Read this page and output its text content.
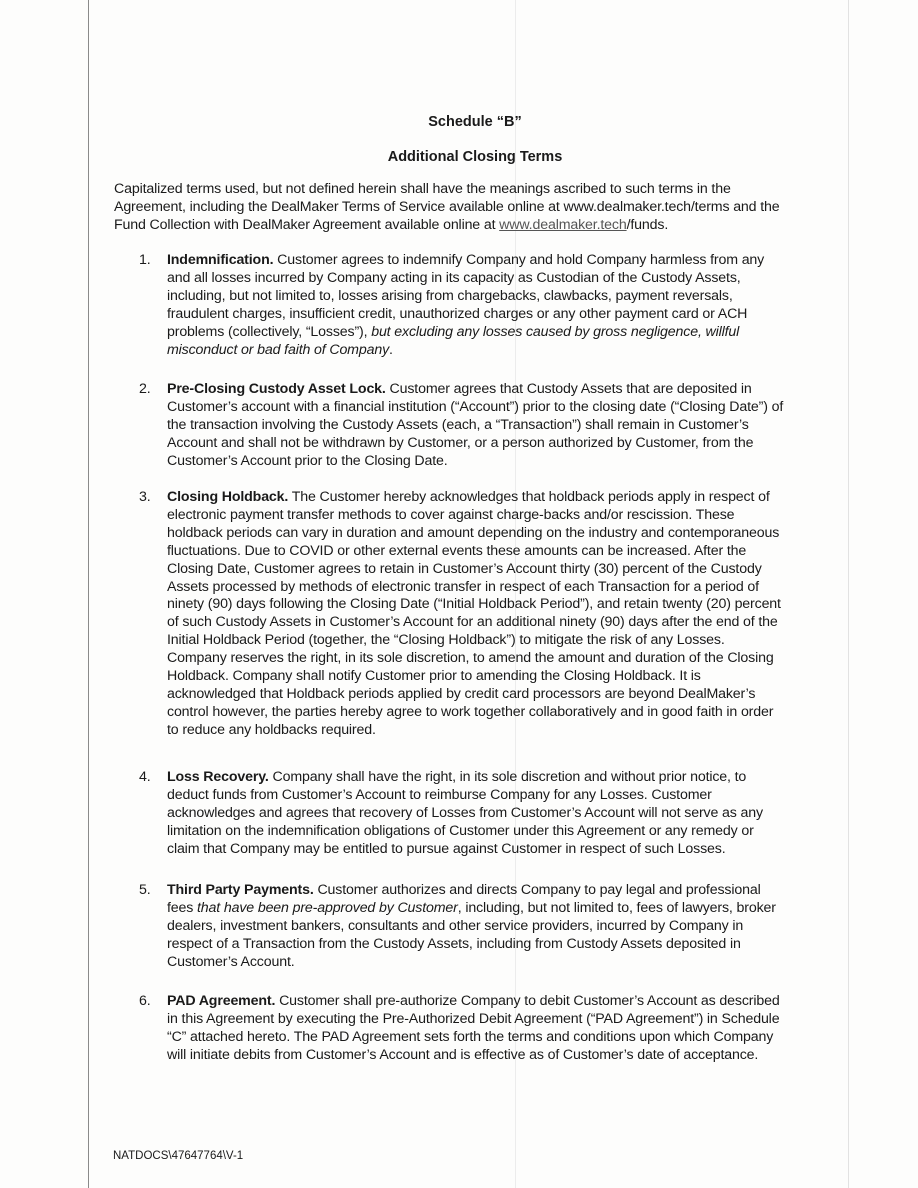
Schedule “B”
Additional Closing Terms
Capitalized terms used, but not defined herein shall have the meanings ascribed to such terms in the
Agreement, including the DealMaker Terms of Service available online at www.dealmaker.tech/terms and the
Fund Collection with DealMaker Agreement available online at www.dealmaker.tech/funds.
1. Indemnification. Customer agrees to indemnify Company and hold Company harmless from any
and all losses incurred by Company acting in its capacity as Custodian of the Custody Assets,
including, but not limited to, losses arising from chargebacks, clawbacks, payment reversals,
fraudulent charges, insufficient credit, unauthorized charges or any other payment card or ACH
problems (collectively, “Losses”), but excluding any losses caused by gross negligence, willful
misconduct or bad faith of Company.
2. Pre-Closing Custody Asset Lock. Customer agrees that Custody Assets that are deposited in
Customer’s account with a financial institution (“Account”) prior to the closing date (“Closing Date”) of
the transaction involving the Custody Assets (each, a “Transaction”) shall remain in Customer’s
Account and shall not be withdrawn by Customer, or a person authorized by Customer, from the
Customer’s Account prior to the Closing Date.
3. Closing Holdback. The Customer hereby acknowledges that holdback periods apply in respect of
electronic payment transfer methods to cover against charge-backs and/or rescission. These
holdback periods can vary in duration and amount depending on the industry and contemporaneous
fluctuations. Due to COVID or other external events these amounts can be increased. After the
Closing Date, Customer agrees to retain in Customer’s Account thirty (30) percent of the Custody
Assets processed by methods of electronic transfer in respect of each Transaction for a period of
ninety (90) days following the Closing Date (“Initial Holdback Period”), and retain twenty (20) percent
of such Custody Assets in Customer’s Account for an additional ninety (90) days after the end of the
Initial Holdback Period (together, the “Closing Holdback”) to mitigate the risk of any Losses.
Company reserves the right, in its sole discretion, to amend the amount and duration of the Closing
Holdback. Company shall notify Customer prior to amending the Closing Holdback. It is
acknowledged that Holdback periods applied by credit card processors are beyond DealMaker’s
control however, the parties hereby agree to work together collaboratively and in good faith in order
to reduce any holdbacks required.
4. Loss Recovery. Company shall have the right, in its sole discretion and without prior notice, to
deduct funds from Customer’s Account to reimburse Company for any Losses. Customer
acknowledges and agrees that recovery of Losses from Customer’s Account will not serve as any
limitation on the indemnification obligations of Customer under this Agreement or any remedy or
claim that Company may be entitled to pursue against Customer in respect of such Losses.
5. Third Party Payments. Customer authorizes and directs Company to pay legal and professional
fees that have been pre-approved by Customer, including, but not limited to, fees of lawyers, broker
dealers, investment bankers, consultants and other service providers, incurred by Company in
respect of a Transaction from the Custody Assets, including from Custody Assets deposited in
Customer’s Account.
6. PAD Agreement. Customer shall pre-authorize Company to debit Customer’s Account as described
in this Agreement by executing the Pre-Authorized Debit Agreement (“PAD Agreement”) in Schedule
“C” attached hereto. The PAD Agreement sets forth the terms and conditions upon which Company
will initiate debits from Customer’s Account and is effective as of Customer’s date of acceptance.
NATDOCS\47647764\V-1
